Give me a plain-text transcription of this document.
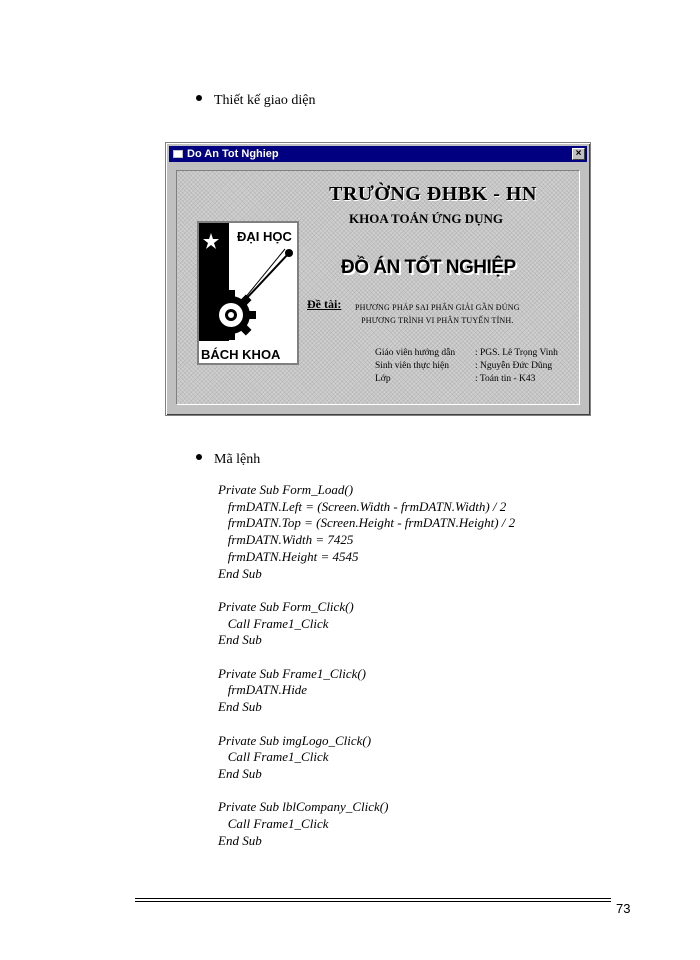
Thiết kế giao diện
Do An Tot Nghiep	×
TRƯỜNG ĐHBK - HN
KHOA TOÁN ỨNG DỤNG
ĐẠI HỌC
BÁCH KHOA
ĐỒ ÁN TỐT NGHIỆP
Đề tài: PHƯƠNG PHÁP SAI PHÂN GIẢI GẦN ĐÚNG
PHƯƠNG TRÌNH VI PHÂN TUYẾN TÍNH.
Giáo viên hướng dẫn	: PGS. Lê Trọng Vinh
Sinh viên thực hiện	: Nguyễn Đức Dũng
Lớp	: Toán tin - K43
Mã lệnh
Private Sub Form_Load()
frmDATN.Left = (Screen.Width - frmDATN.Width) / 2
frmDATN.Top = (Screen.Height - frmDATN.Height) / 2
frmDATN.Width = 7425
frmDATN.Height = 4545
End Sub

Private Sub Form_Click()
Call Frame1_Click
End Sub

Private Sub Frame1_Click()
frmDATN.Hide
End Sub

Private Sub imgLogo_Click()
Call Frame1_Click
End Sub

Private Sub lblCompany_Click()
Call Frame1_Click
End Sub
73
